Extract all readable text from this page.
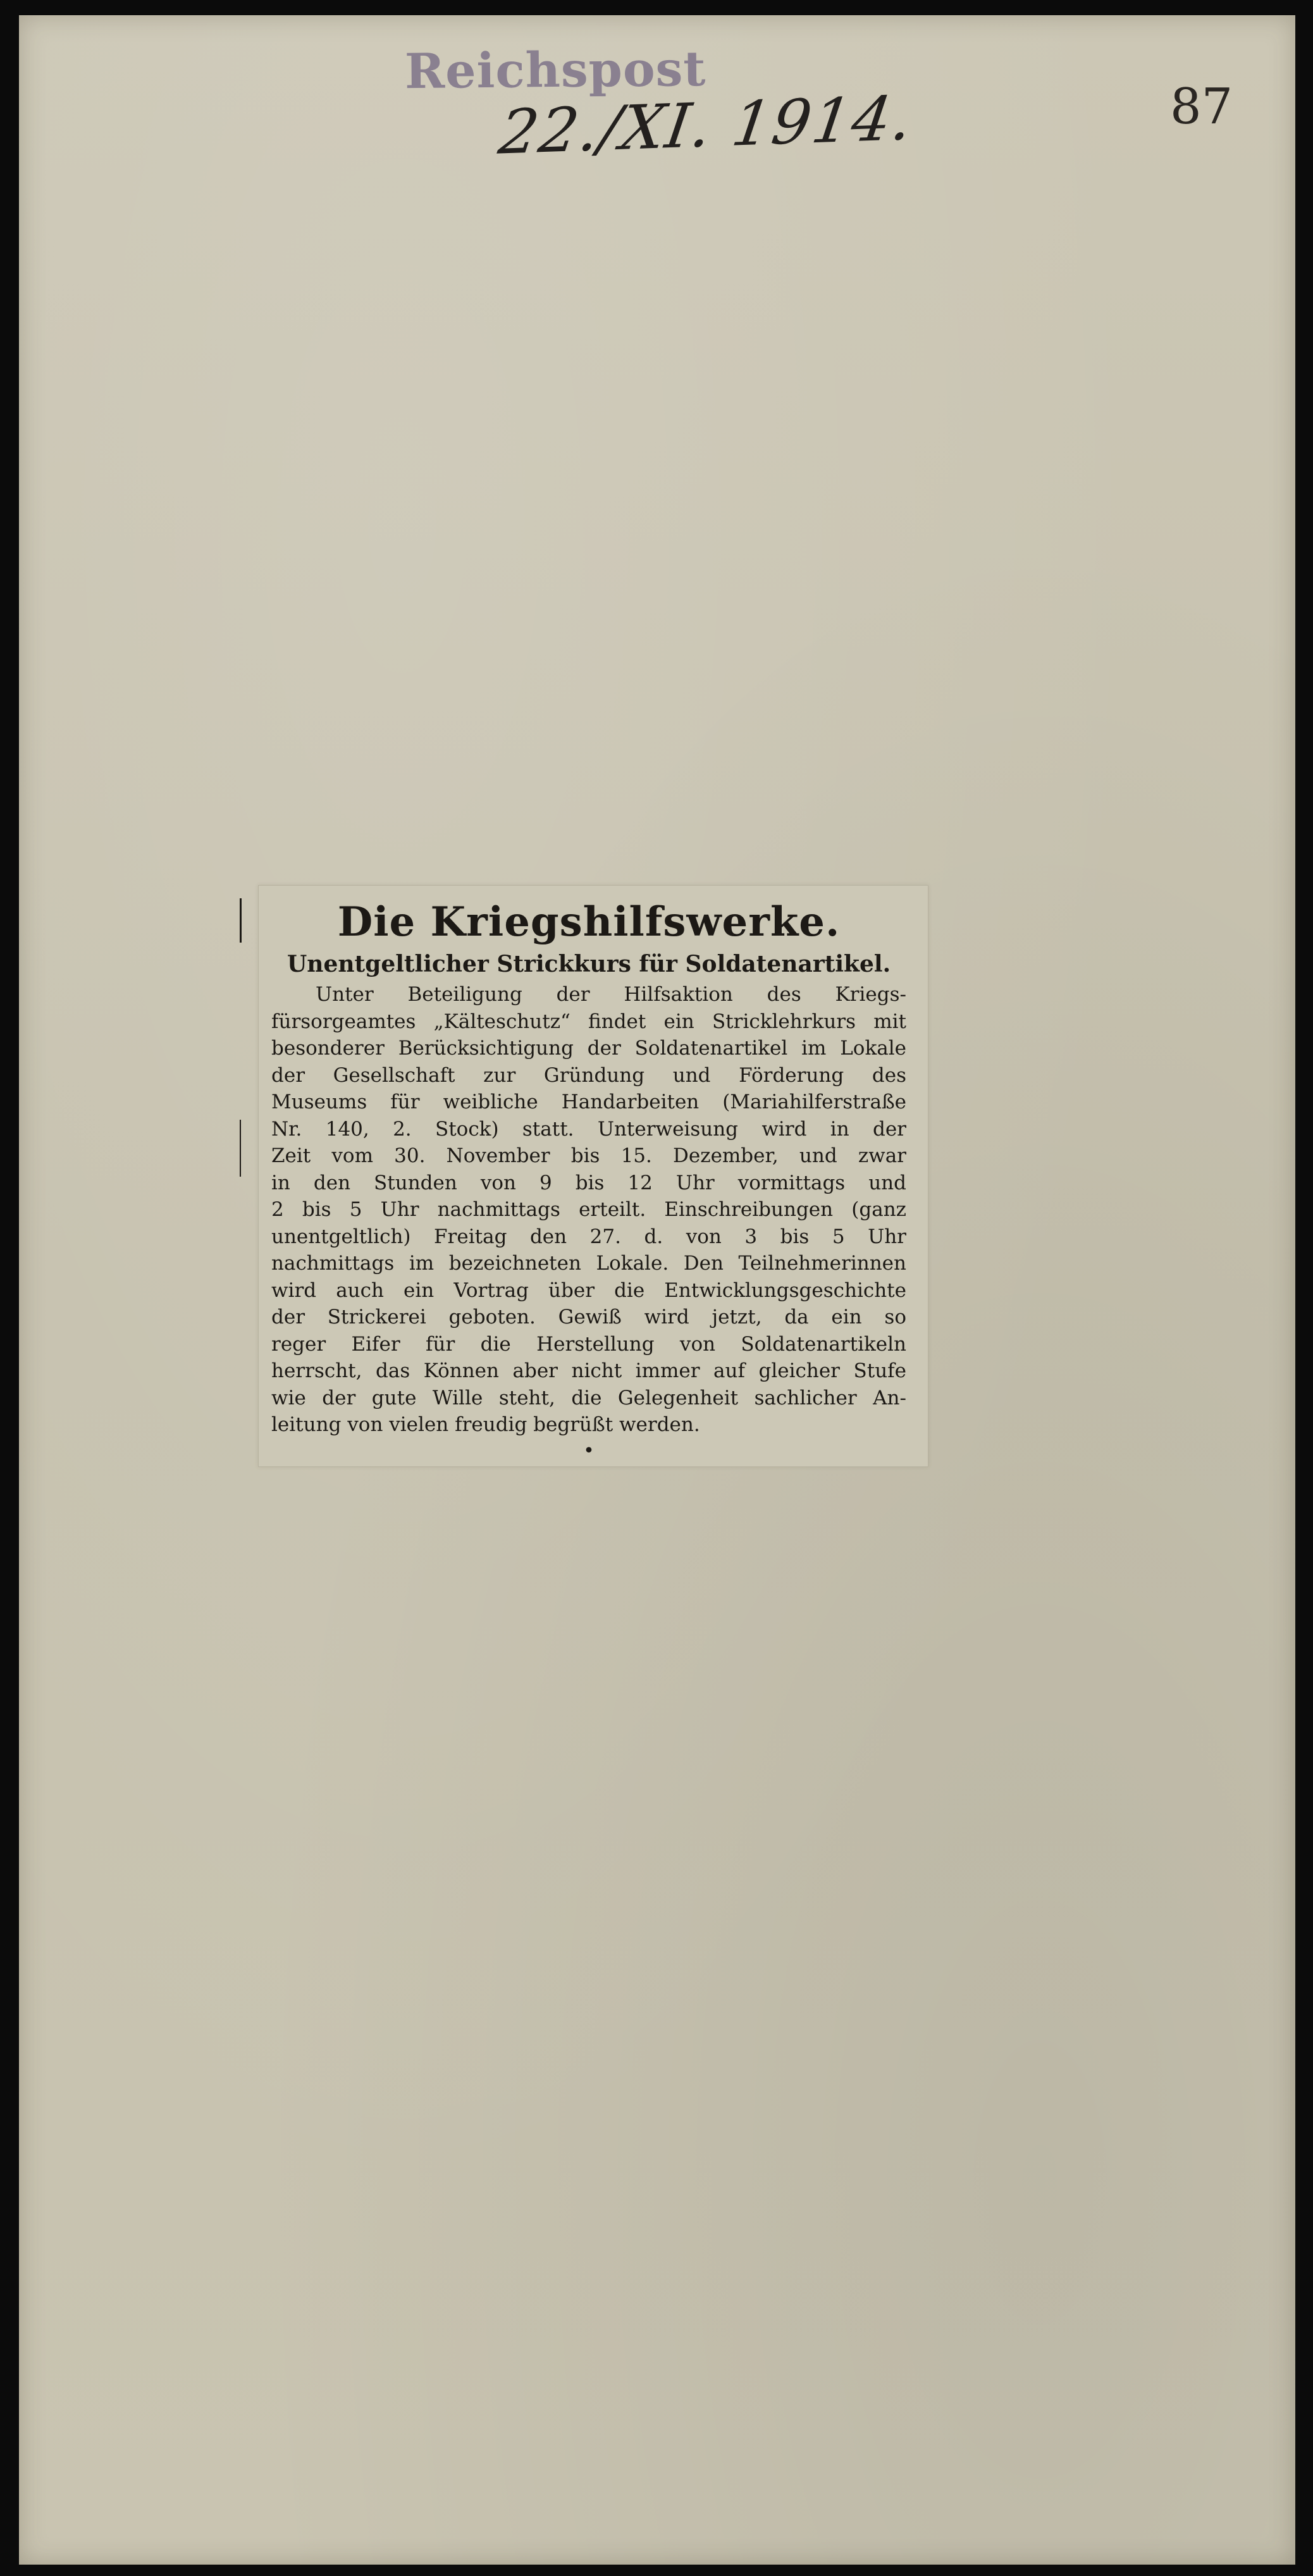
Reichspost
22./XI. 1914.	87
Die Kriegshilfswerke.
Unentgeltlicher Strickkurs für Soldatenartikel.
Unter Beteiligung der Hilfsaktion des Kriegs-
fürsorgeamtes „Kälteschutz“ findet ein Stricklehrkurs mit
besonderer Berücksichtigung der Soldatenartikel im Lokale
der Gesellschaft zur Gründung und Förderung des
Museums für weibliche Handarbeiten (Mariahilferstraße
Nr. 140, 2. Stock) statt. Unterweisung wird in der
Zeit vom 30. November bis 15. Dezember, und zwar
in den Stunden von 9 bis 12 Uhr vormittags und
2 bis 5 Uhr nachmittags erteilt. Einschreibungen (ganz
unentgeltlich) Freitag den 27. d. von 3 bis 5 Uhr
nachmittags im bezeichneten Lokale. Den Teilnehmerinnen
wird auch ein Vortrag über die Entwicklungsgeschichte
der Strickerei geboten. Gewiß wird jetzt, da ein so
reger Eifer für die Herstellung von Soldatenartikeln
herrscht, das Können aber nicht immer auf gleicher Stufe
wie der gute Wille steht, die Gelegenheit sachlicher An-
leitung von vielen freudig begrüßt werden.
•
